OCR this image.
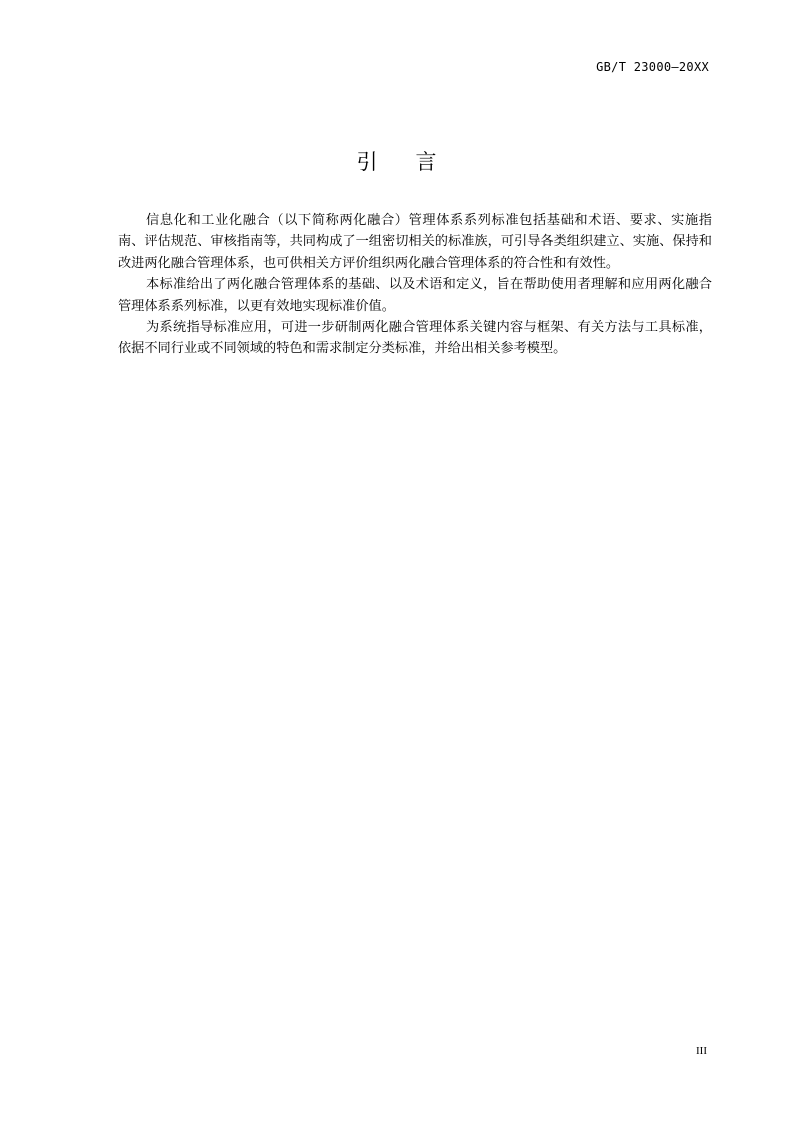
GB/T 23000—20XX
引言

信息化和工业化融合（以下简称两化融合）管理体系系列标准包括基础和术语、要求、实施指南、评估规范、审核指南等，共同构成了一组密切相关的标准族，可引导各类组织建立、实施、保持和改进两化融合管理体系，也可供相关方评价组织两化融合管理体系的符合性和有效性。

本标准给出了两化融合管理体系的基础、以及术语和定义，旨在帮助使用者理解和应用两化融合管理体系系列标准，以更有效地实现标准价值。

为系统指导标准应用，可进一步研制两化融合管理体系关键内容与框架、有关方法与工具标准，依据不同行业或不同领域的特色和需求制定分类标准，并给出相关参考模型。

III
